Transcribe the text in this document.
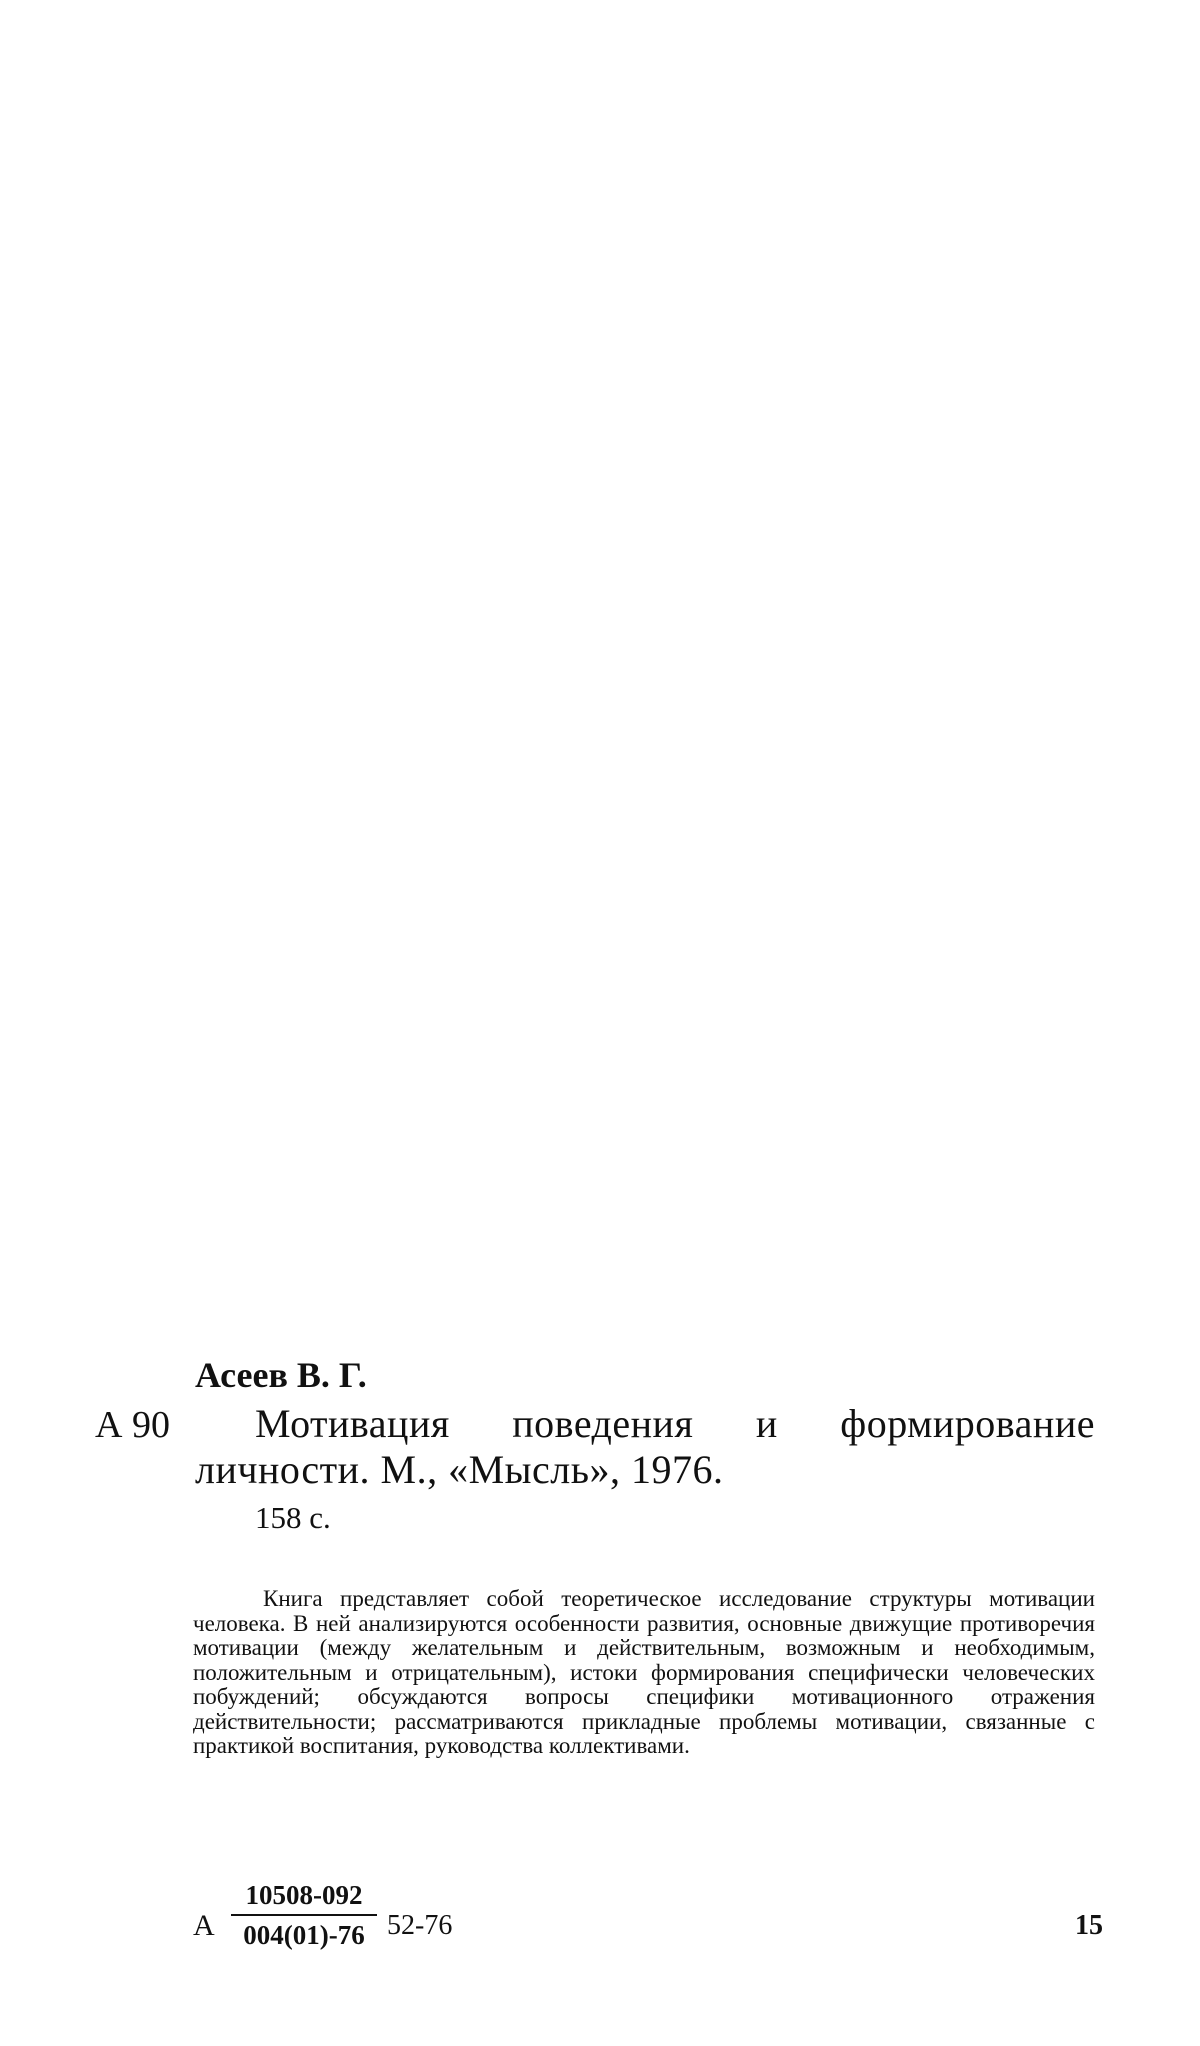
Асеев В. Г.
А 90	Мотивация поведения и формирование личности. М., «Мысль», 1976.
158 с.

Книга представляет собой теоретическое исследование структуры мотивации человека. В ней анализируются особенности развития, основные движущие противоречия мотивации (между желательным и действительным, возможным и необходимым, положительным и отрицательным), истоки формирования специфически человеческих побуждений; обсуждаются вопросы специфики мотивационного отражения действительности; рассматриваются прикладные проблемы мотивации, связанные с практикой воспитания, руководства коллективами.

А
10508-092
004(01)-76 52-76	15
